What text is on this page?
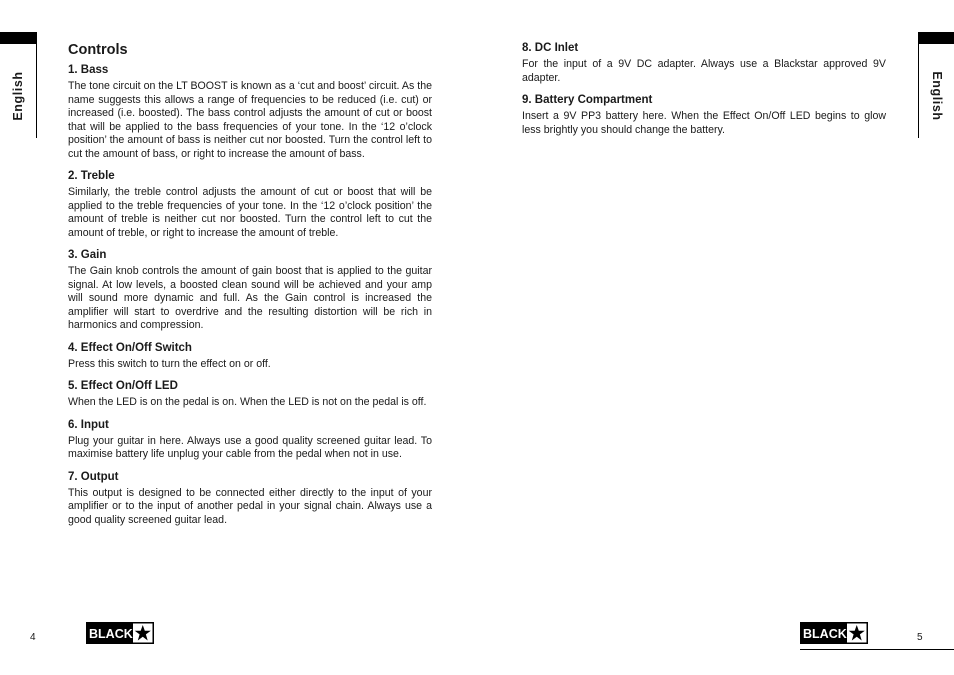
English	English
Controls
1. Bass

The tone circuit on the LT BOOST is known as a ‘cut and boost’ circuit. As the name suggests this allows a range of frequencies to be reduced (i.e. cut) or increased (i.e. boosted). The bass control adjusts the amount of cut or boost that will be applied to the bass frequencies of your tone. In the ‘12 o’clock position’ the amount of bass is neither cut nor boosted. Turn the control left to cut the amount of bass, or right to increase the amount of bass.

2. Treble

Similarly, the treble control adjusts the amount of cut or boost that will be applied to the treble frequencies of your tone. In the ‘12 o’clock position’ the amount of treble is neither cut nor boosted. Turn the control left to cut the amount of treble, or right to increase the amount of treble.

3. Gain

The Gain knob controls the amount of gain boost that is applied to the guitar signal. At low levels, a boosted clean sound will be achieved and your amp will sound more dynamic and full. As the Gain control is increased the amplifier will start to overdrive and the resulting distortion will be rich in harmonics and compression.

4. Effect On/Off Switch

Press this switch to turn the effect on or off.

5. Effect On/Off LED

When the LED is on the pedal is on. When the LED is not on the pedal is off.

6. Input

Plug your guitar in here. Always use a good quality screened guitar lead. To maximise battery life unplug your cable from the pedal when not in use.

7. Output

This output is designed to be connected either directly to the input of your amplifier or to the input of another pedal in your signal chain. Always use a good quality screened guitar lead.

8. DC Inlet

For the input of a 9V DC adapter. Always use a Blackstar approved 9V adapter.

9. Battery Compartment

Insert a 9V PP3 battery here. When the Effect On/Off LED begins to glow less brightly you should change the battery.

4	5
BLACK	BLACK
